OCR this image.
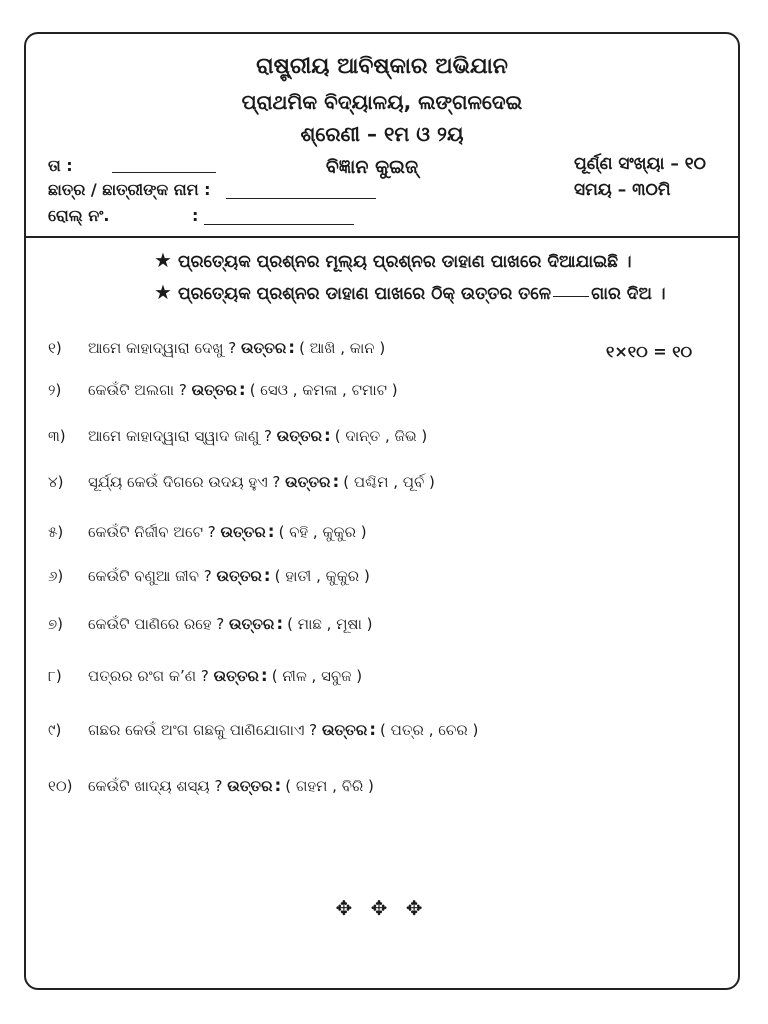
ରାଷ୍ଟ୍ରୀୟ ଆବିଷ୍କାର ଅଭିଯାନ
ପ୍ରାଥମିକ ବିଦ୍ୟାଳୟ, ଲଙ୍ଗଳଦେଇ
ଶ୍ରେଣୀ – ୧ମ ଓ ୨ୟ
ବିଜ୍ଞାନ କୁଇଜ୍
ତା :
ଛାତ୍ର / ଛାତ୍ରୀଙ୍କ ନାମ :
ରୋଲ୍ ନଂ.	:
ପୂର୍ଣ୍ଣ ସଂଖ୍ୟା – ୧୦
ସମୟ – ୩୦ମି
★ ପ୍ରତ୍ୟେକ ପ୍ରଶ୍ନର ମୂଲ୍ୟ ପ୍ରଶ୍ନର ଡାହାଣ ପାଖରେ ଦିଆଯାଇଛି ।
★ ପ୍ରତ୍ୟେକ ପ୍ରଶ୍ନର ଡାହାଣ ପାଖରେ ଠିକ୍ ଉତ୍ତର ତଳେ ଗାର ଦିଅ ।
୧×୧୦ = ୧୦
୧) ଆମେ କାହାଦ୍ୱାରା ଦେଖୁ ? ଉତ୍ତର : ( ଆଖି , କାନ )
୨) କେଉଁଟି ଅଲଗା ? ଉତ୍ତର : ( ସେଓ , କମଳା , ଟମାଟ )
୩) ଆମେ କାହାଦ୍ୱାରା ସ୍ୱାଦ ଜାଣୁ ? ଉତ୍ତର : ( ଦାନ୍ତ , ଜିଭ )
୪) ସୂର୍ଯ୍ୟ କେଉଁ ଦିଗରେ ଉଦୟ ହୁଏ ? ଉତ୍ତର : ( ପଶ୍ଚିମ , ପୂର୍ବ )
୫) କେଉଁଟି ନିର୍ଜୀବ ଅଟେ ? ଉତ୍ତର : ( ବହି , କୁକୁର )
୬) କେଉଁଟି ବଣୁଆ ଜୀବ ? ଉତ୍ତର : ( ହାତୀ , କୁକୁର )
୭) କେଉଁଟି ପାଣିରେ ରହେ ? ଉତ୍ତର : ( ମାଛ , ମୂଷା )
୮) ପତ୍ରର ରଂଗ କ’ଣ ? ଉତ୍ତର : ( ନୀଳ , ସବୁଜ )
୯) ଗଛର କେଉଁ ଅଂଗ ଗଛକୁ ପାଣିଯୋଗାଏ ? ଉତ୍ତର : ( ପତ୍ର , ଚେର )
୧୦) କେଉଁଟି ଖାଦ୍ୟ ଶସ୍ୟ ? ଉତ୍ତର : ( ଗହମ , ବିରି )
✥ ✥ ✥
